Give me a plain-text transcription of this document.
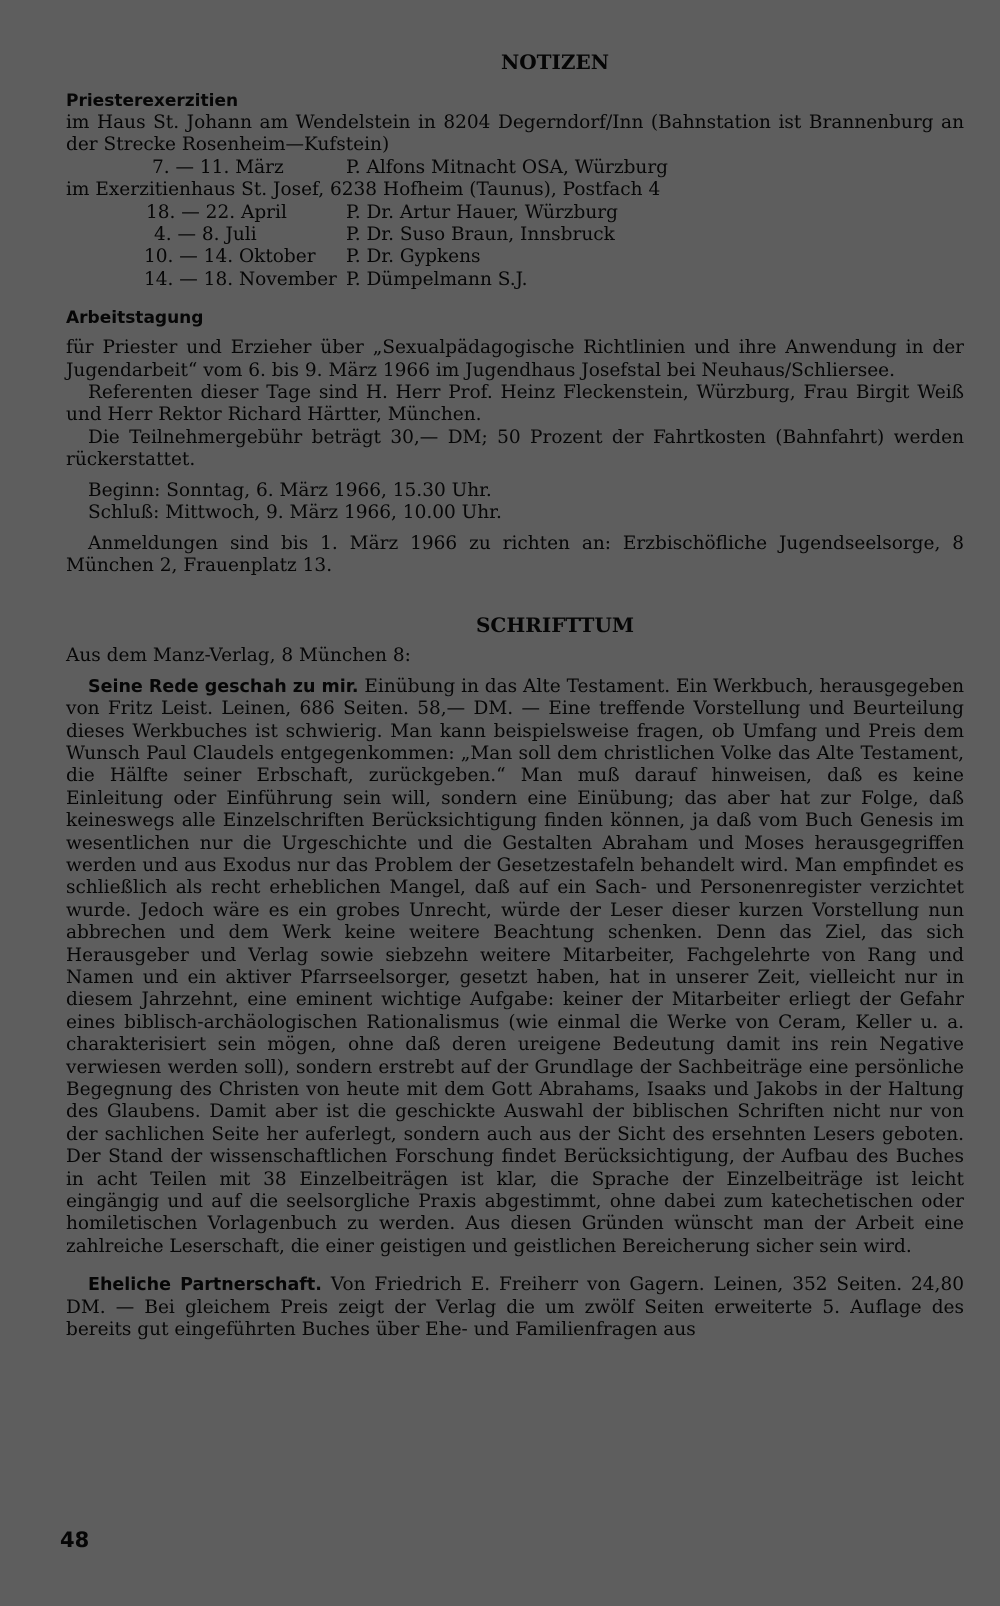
NOTIZEN
Priesterexerzitien

im Haus St. Johann am Wendelstein in 8204 Degerndorf/Inn (Bahnstation ist Brannenburg an der Strecke Rosenheim—Kufstein)

7. — 11. März	P. Alfons Mitnacht OSA, Würzburg

im Exerzitienhaus St. Josef, 6238 Hofheim (Taunus), Postfach 4

18. — 22. April	P. Dr. Artur Hauer, Würzburg
4. — 8. Juli	P. Dr. Suso Braun, Innsbruck
10. — 14. Oktober	P. Dr. Gypkens
14. — 18. November P. Dümpelmann S.J.
Arbeitstagung

für Priester und Erzieher über „Sexualpädagogische Richtlinien und ihre Anwendung in der Jugendarbeit“ vom 6. bis 9. März 1966 im Jugendhaus Josefstal bei Neuhaus/Schliersee.

Referenten dieser Tage sind H. Herr Prof. Heinz Fleckenstein, Würzburg, Frau Birgit Weiß und Herr Rektor Richard Härtter, München.

Die Teilnehmergebühr beträgt 30,— DM; 50 Prozent der Fahrtkosten (Bahnfahrt) werden rückerstattet.

Beginn: Sonntag, 6. März 1966, 15.30 Uhr.

Schluß: Mittwoch, 9. März 1966, 10.00 Uhr.

Anmeldungen sind bis 1. März 1966 zu richten an: Erzbischöfliche Jugendseelsorge, 8 München 2, Frauenplatz 13.

SCHRIFTTUM

Aus dem Manz-Verlag, 8 München 8:

Seine Rede geschah zu mir. Einübung in das Alte Testament. Ein Werkbuch, herausgegeben von Fritz Leist. Leinen, 686 Seiten. 58,— DM. — Eine treffende Vorstellung und Beurteilung dieses Werkbuches ist schwierig. Man kann beispielsweise fragen, ob Umfang und Preis dem Wunsch Paul Claudels entgegenkommen: „Man soll dem christlichen Volke das Alte Testament, die Hälfte seiner Erbschaft, zurückgeben.“ Man muß darauf hinweisen, daß es keine Einleitung oder Einführung sein will, sondern eine Einübung; das aber hat zur Folge, daß keineswegs alle Einzelschriften Berücksichtigung finden können, ja daß vom Buch Genesis im wesentlichen nur die Urgeschichte und die Gestalten Abraham und Moses herausgegriffen werden und aus Exodus nur das Problem der Gesetzestafeln behandelt wird. Man empfindet es schließlich als recht erheblichen Mangel, daß auf ein Sach- und Personenregister verzichtet wurde. Jedoch wäre es ein grobes Unrecht, würde der Leser dieser kurzen Vorstellung nun abbrechen und dem Werk keine weitere Beachtung schenken. Denn das Ziel, das sich Herausgeber und Verlag sowie siebzehn weitere Mitarbeiter, Fachgelehrte von Rang und Namen und ein aktiver Pfarrseelsorger, gesetzt haben, hat in unserer Zeit, vielleicht nur in diesem Jahrzehnt, eine eminent wichtige Aufgabe: keiner der Mitarbeiter erliegt der Gefahr eines biblisch-archäologischen Rationalismus (wie einmal die Werke von Ceram, Keller u. a. charakterisiert sein mögen, ohne daß deren ureigene Bedeutung damit ins rein Negative verwiesen werden soll), sondern erstrebt auf der Grundlage der Sachbeiträge eine persönliche Begegnung des Christen von heute mit dem Gott Abrahams, Isaaks und Jakobs in der Haltung des Glaubens. Damit aber ist die geschickte Auswahl der biblischen Schriften nicht nur von der sachlichen Seite her auferlegt, sondern auch aus der Sicht des ersehnten Lesers geboten. Der Stand der wissenschaftlichen Forschung findet Berücksichtigung, der Aufbau des Buches in acht Teilen mit 38 Einzelbeiträgen ist klar, die Sprache der Einzelbeiträge ist leicht eingängig und auf die seelsorgliche Praxis abgestimmt, ohne dabei zum katechetischen oder homiletischen Vorlagenbuch zu werden. Aus diesen Gründen wünscht man der Arbeit eine zahlreiche Leserschaft, die einer geistigen und geistlichen Bereicherung sicher sein wird.

Eheliche Partnerschaft. Von Friedrich E. Freiherr von Gagern. Leinen, 352 Seiten. 24,80 DM. — Bei gleichem Preis zeigt der Verlag die um zwölf Seiten erweiterte 5. Auflage des bereits gut eingeführten Buches über Ehe- und Familienfragen aus

48
